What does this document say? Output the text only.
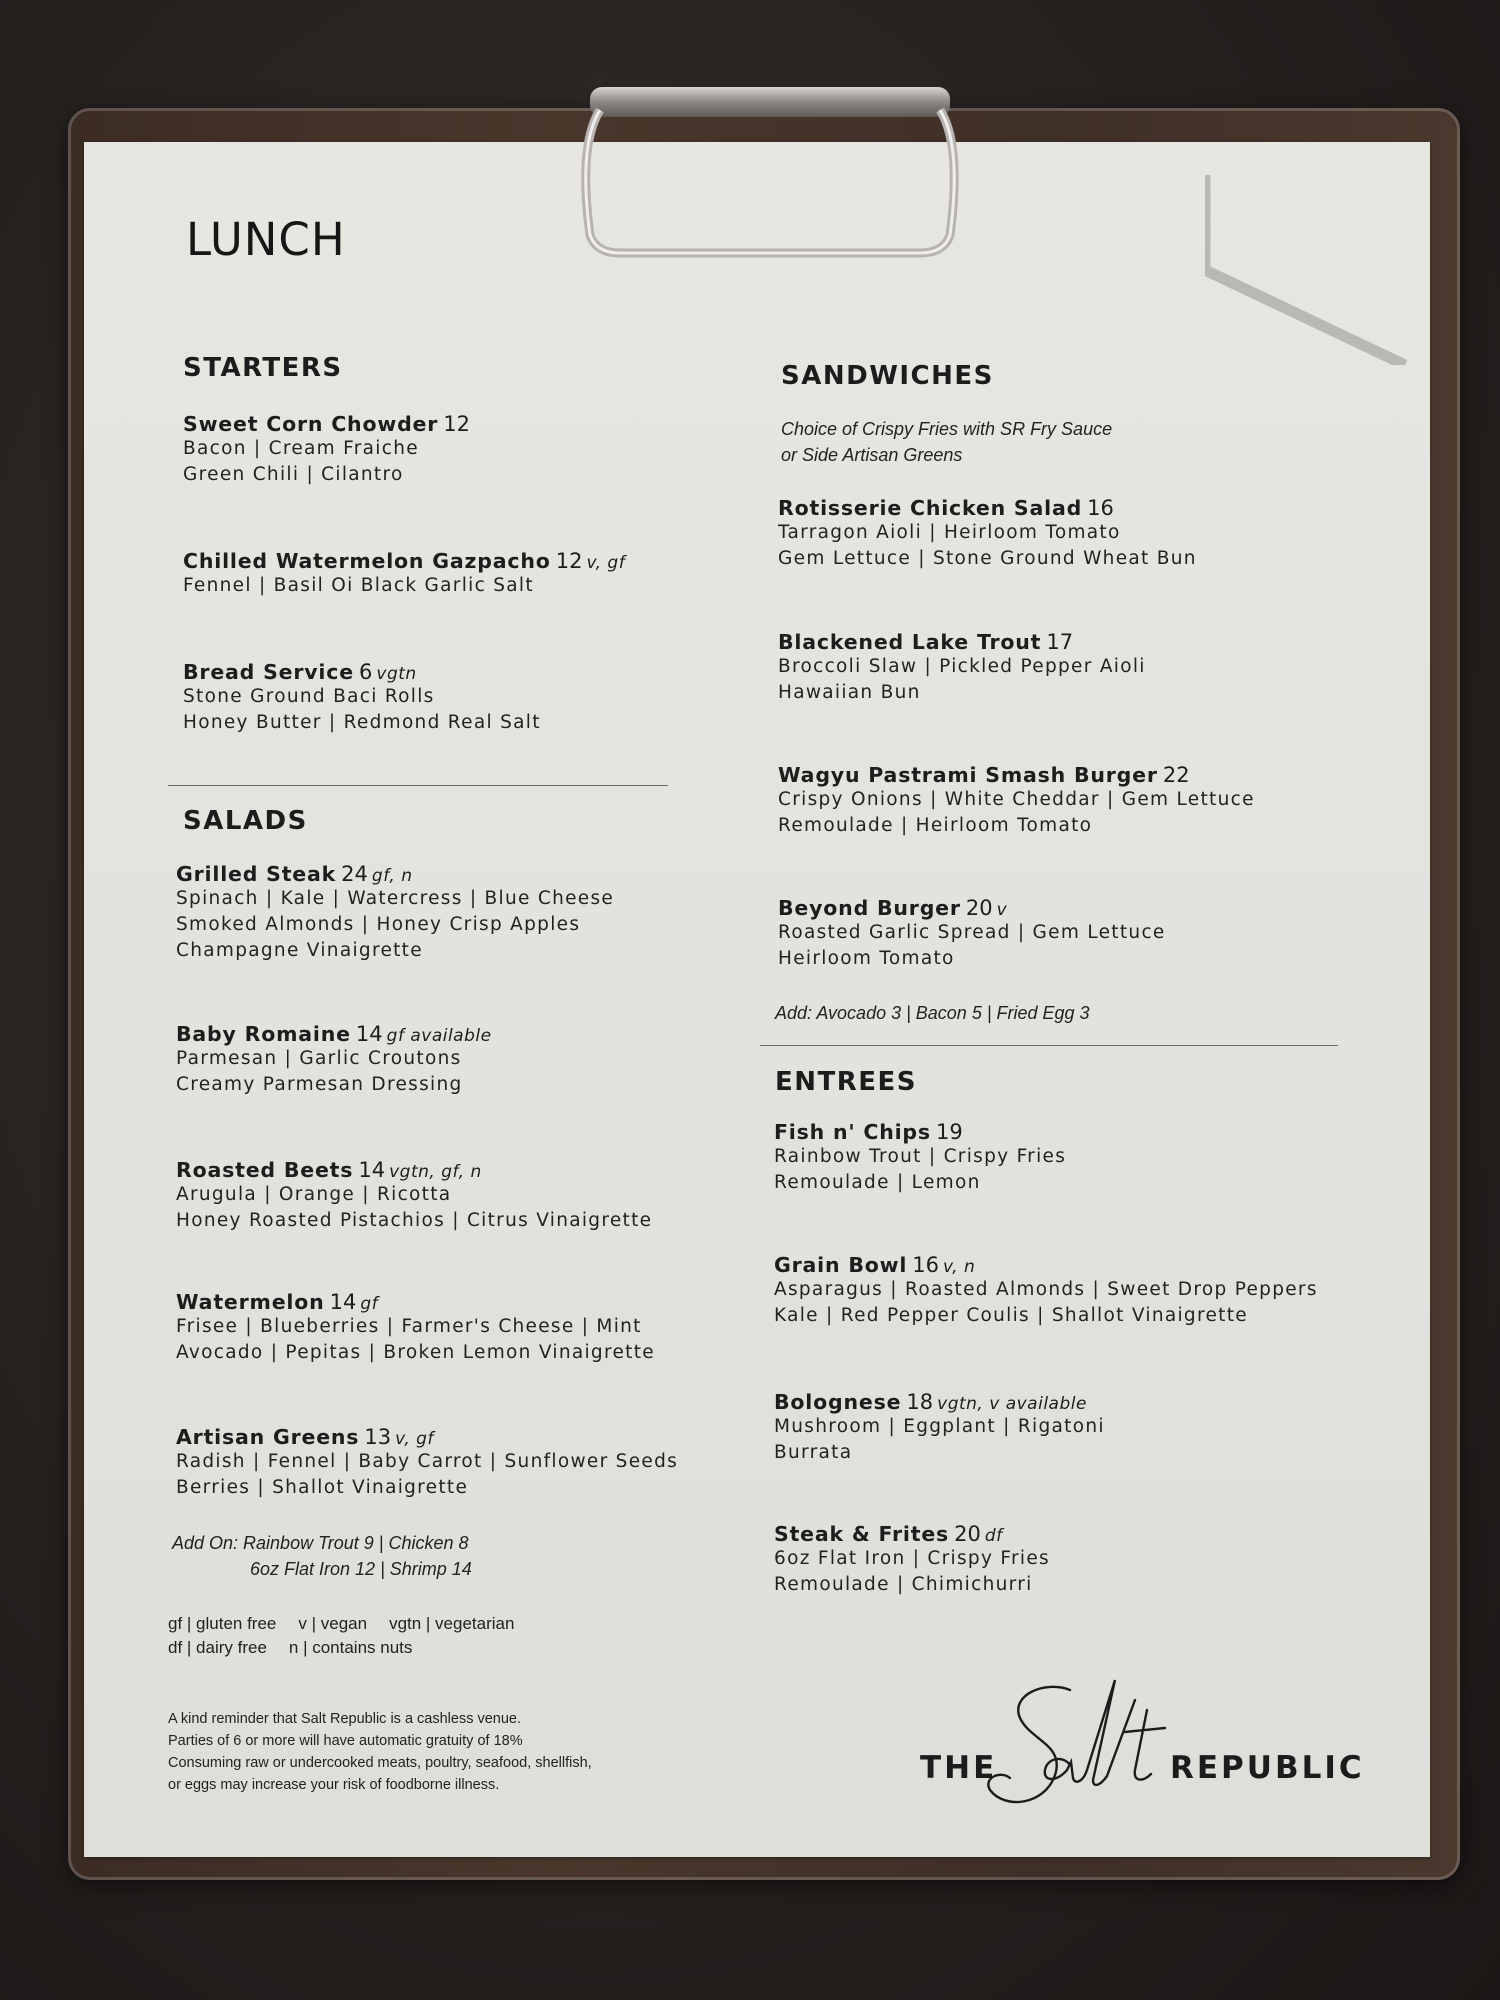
LUNCH
STARTERS
Sweet Corn Chowder 12
Bacon | Cream Fraiche
Green Chili | Cilantro
Chilled Watermelon Gazpacho 12 v, gf
Fennel | Basil Oi Black Garlic Salt
Bread Service 6 vgtn
Stone Ground Baci Rolls
Honey Butter | Redmond Real Salt
SALADS
Grilled Steak 24 gf, n
Spinach | Kale | Watercress | Blue Cheese
Smoked Almonds | Honey Crisp Apples
Champagne Vinaigrette
Baby Romaine 14 gf available
Parmesan | Garlic Croutons
Creamy Parmesan Dressing
Roasted Beets 14 vgtn, gf, n
Arugula | Orange | Ricotta
Honey Roasted Pistachios | Citrus Vinaigrette
Watermelon 14 gf
Frisee | Blueberries | Farmer's Cheese | Mint
Avocado | Pepitas | Broken Lemon Vinaigrette
Artisan Greens 13 v, gf
Radish | Fennel | Baby Carrot | Sunflower Seeds
Berries | Shallot Vinaigrette
Add On: Rainbow Trout 9 | Chicken 8
6oz Flat Iron 12 | Shrimp 14
gf | gluten free v | vegan vgtn | vegetarian
df | dairy free n | contains nuts
A kind reminder that Salt Republic is a cashless venue.
Parties of 6 or more will have automatic gratuity of 18%
Consuming raw or undercooked meats, poultry, seafood, shellfish,
or eggs may increase your risk of foodborne illness.
SANDWICHES
Choice of Crispy Fries with SR Fry Sauce
or Side Artisan Greens
Rotisserie Chicken Salad 16
Tarragon Aioli | Heirloom Tomato
Gem Lettuce | Stone Ground Wheat Bun
Blackened Lake Trout 17
Broccoli Slaw | Pickled Pepper Aioli
Hawaiian Bun
Wagyu Pastrami Smash Burger 22
Crispy Onions | White Cheddar | Gem Lettuce
Remoulade | Heirloom Tomato
Beyond Burger 20 v
Roasted Garlic Spread | Gem Lettuce
Heirloom Tomato
Add: Avocado 3 | Bacon 5 | Fried Egg 3
ENTREES
Fish n' Chips 19
Rainbow Trout | Crispy Fries
Remoulade | Lemon
Grain Bowl 16 v, n
Asparagus | Roasted Almonds | Sweet Drop Peppers
Kale | Red Pepper Coulis | Shallot Vinaigrette
Bolognese 18 vgtn, v available
Mushroom | Eggplant | Rigatoni
Burrata
Steak & Frites 20 df
6oz Flat Iron | Crispy Fries
Remoulade | Chimichurri
THE	REPUBLIC
